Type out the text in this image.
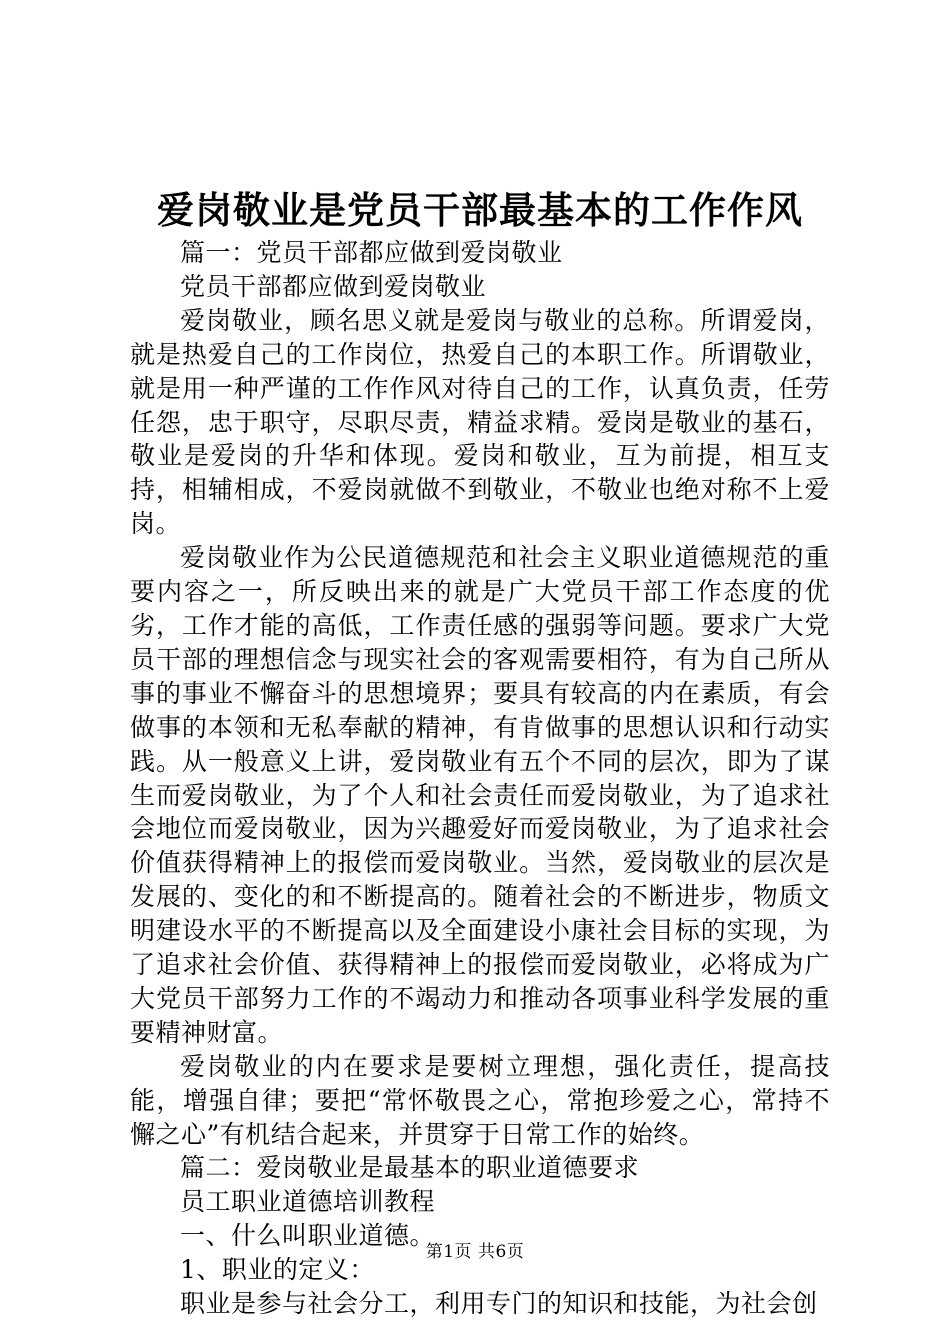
爱岗敬业是党员干部最基本的工作作风

篇一：党员干部都应做到爱岗敬业

党员干部都应做到爱岗敬业

爱岗敬业，顾名思义就是爱岗与敬业的总称。所谓爱岗，就是热爱自己的工作岗位，热爱自己的本职工作。所谓敬业，就是用一种严谨的工作作风对待自己的工作，认真负责，任劳任怨，忠于职守，尽职尽责，精益求精。爱岗是敬业的基石，敬业是爱岗的升华和体现。爱岗和敬业，互为前提，相互支持，相辅相成，不爱岗就做不到敬业，不敬业也绝对称不上爱岗。

爱岗敬业作为公民道德规范和社会主义职业道德规范的重要内容之一，所反映出来的就是广大党员干部工作态度的优劣，工作才能的高低，工作责任感的强弱等问题。要求广大党员干部的理想信念与现实社会的客观需要相符，有为自己所从事的事业不懈奋斗的思想境界；要具有较高的内在素质，有会做事的本领和无私奉献的精神，有肯做事的思想认识和行动实践。从一般意义上讲，爱岗敬业有五个不同的层次，即为了谋生而爱岗敬业，为了个人和社会责任而爱岗敬业，为了追求社会地位而爱岗敬业，因为兴趣爱好而爱岗敬业，为了追求社会价值获得精神上的报偿而爱岗敬业。当然，爱岗敬业的层次是发展的、变化的和不断提高的。随着社会的不断进步，物质文明建设水平的不断提高以及全面建设小康社会目标的实现，为了追求社会价值、获得精神上的报偿而爱岗敬业，必将成为广大党员干部努力工作的不竭动力和推动各项事业科学发展的重要精神财富。

爱岗敬业的内在要求是要树立理想，强化责任，提高技能，增强自律；要把“常怀敬畏之心，常抱珍爱之心，常持不懈之心”有机结合起来，并贯穿于日常工作的始终。

篇二：爱岗敬业是最基本的职业道德要求

员工职业道德培训教程

一、什么叫职业道德。

1、职业的定义：

职业是参与社会分工，利用专门的知识和技能，为社会创

第1页 共6页
